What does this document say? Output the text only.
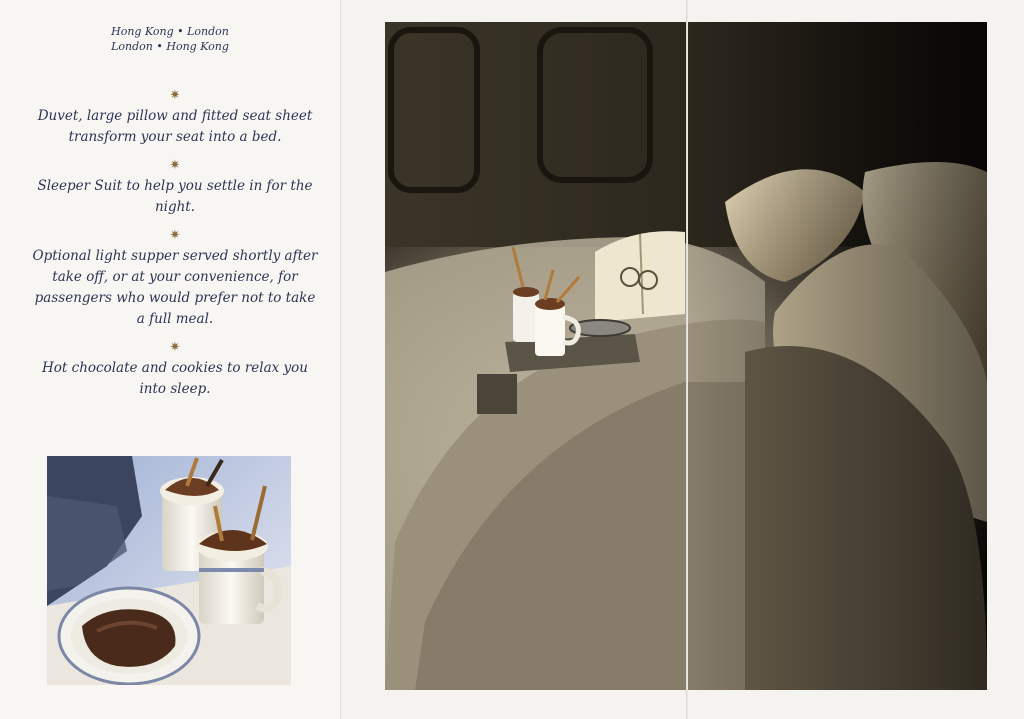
Hong Kong • London
London • Hong Kong
✷
Duvet, large pillow and fitted seat sheet transform your seat into a bed.
✷
Sleeper Suit to help you settle in for the night.
✷
Optional light supper served shortly after take off, or at your convenience, for passengers who would prefer not to take a full meal.
✷
Hot chocolate and cookies to relax you into sleep.
